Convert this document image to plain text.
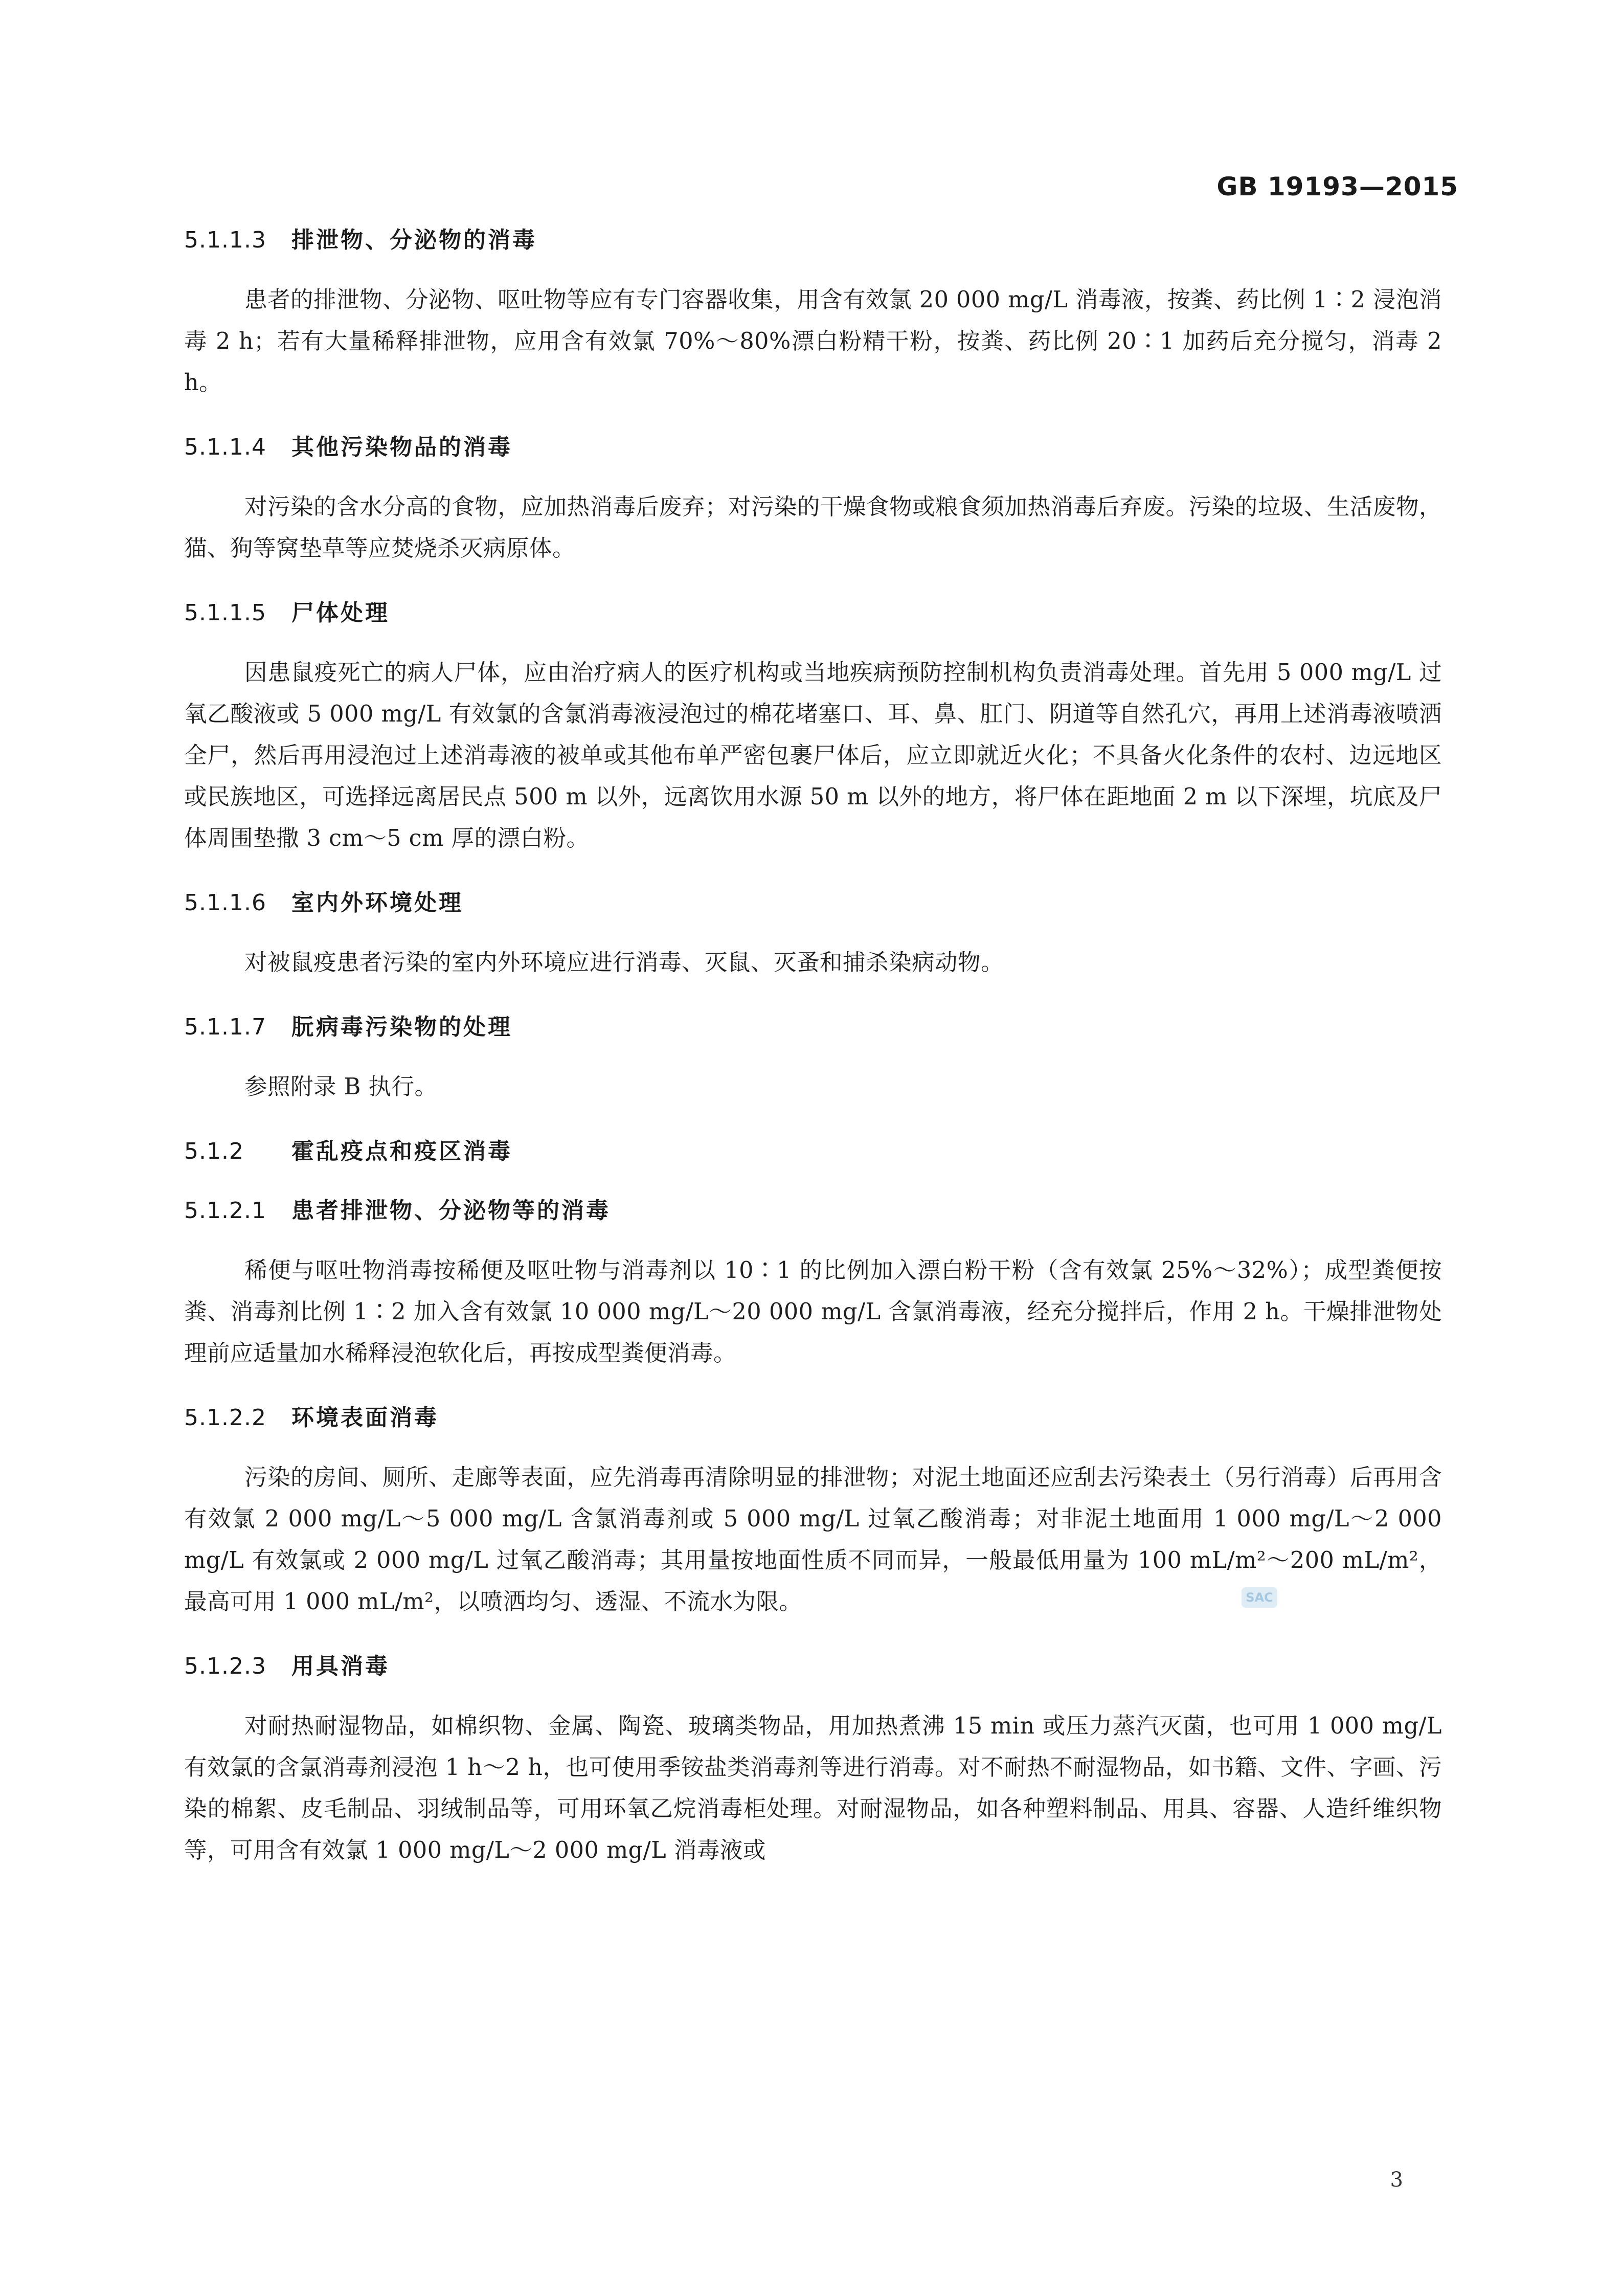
GB 19193—2015
5.1.1.3 排泄物、分泌物的消毒

患者的排泄物、分泌物、呕吐物等应有专门容器收集，用含有效氯 20 000 mg/L 消毒液，按粪、药比例 1∶2 浸泡消毒 2 h；若有大量稀释排泄物，应用含有效氯 70%～80%漂白粉精干粉，按粪、药比例 20∶1 加药后充分搅匀，消毒 2 h。

5.1.1.4 其他污染物品的消毒

对污染的含水分高的食物，应加热消毒后废弃；对污染的干燥食物或粮食须加热消毒后弃废。污染的垃圾、生活废物，猫、狗等窝垫草等应焚烧杀灭病原体。

5.1.1.5 尸体处理

因患鼠疫死亡的病人尸体，应由治疗病人的医疗机构或当地疾病预防控制机构负责消毒处理。首先用 5 000 mg/L 过氧乙酸液或 5 000 mg/L 有效氯的含氯消毒液浸泡过的棉花堵塞口、耳、鼻、肛门、阴道等自然孔穴，再用上述消毒液喷洒全尸，然后再用浸泡过上述消毒液的被单或其他布单严密包裹尸体后，应立即就近火化；不具备火化条件的农村、边远地区或民族地区，可选择远离居民点 500 m 以外，远离饮用水源 50 m 以外的地方，将尸体在距地面 2 m 以下深埋，坑底及尸体周围垫撒 3 cm～5 cm 厚的漂白粉。

5.1.1.6 室内外环境处理

对被鼠疫患者污染的室内外环境应进行消毒、灭鼠、灭蚤和捕杀染病动物。

5.1.1.7 朊病毒污染物的处理

参照附录 B 执行。

5.1.2 霍乱疫点和疫区消毒
5.1.2.1 患者排泄物、分泌物等的消毒

稀便与呕吐物消毒按稀便及呕吐物与消毒剂以 10∶1 的比例加入漂白粉干粉（含有效氯 25%～32%）；成型粪便按粪、消毒剂比例 1∶2 加入含有效氯 10 000 mg/L～20 000 mg/L 含氯消毒液，经充分搅拌后，作用 2 h。干燥排泄物处理前应适量加水稀释浸泡软化后，再按成型粪便消毒。

5.1.2.2 环境表面消毒

污染的房间、厕所、走廊等表面，应先消毒再清除明显的排泄物；对泥土地面还应刮去污染表土（另行消毒）后再用含有效氯 2 000 mg/L～5 000 mg/L 含氯消毒剂或 5 000 mg/L 过氧乙酸消毒；对非泥土地面用 1 000 mg/L～2 000 mg/L 有效氯或 2 000 mg/L 过氧乙酸消毒；其用量按地面性质不同而异，一般最低用量为 100 mL/m²～200 mL/m²，最高可用 1 000 mL/m²，以喷洒均匀、透湿、不流水为限。

5.1.2.3 用具消毒

对耐热耐湿物品，如棉织物、金属、陶瓷、玻璃类物品，用加热煮沸 15 min 或压力蒸汽灭菌，也可用 1 000 mg/L 有效氯的含氯消毒剂浸泡 1 h～2 h，也可使用季铵盐类消毒剂等进行消毒。对不耐热不耐湿物品，如书籍、文件、字画、污染的棉絮、皮毛制品、羽绒制品等，可用环氧乙烷消毒柜处理。对耐湿物品，如各种塑料制品、用具、容器、人造纤维织物等，可用含有效氯 1 000 mg/L～2 000 mg/L 消毒液或

SAC
3
